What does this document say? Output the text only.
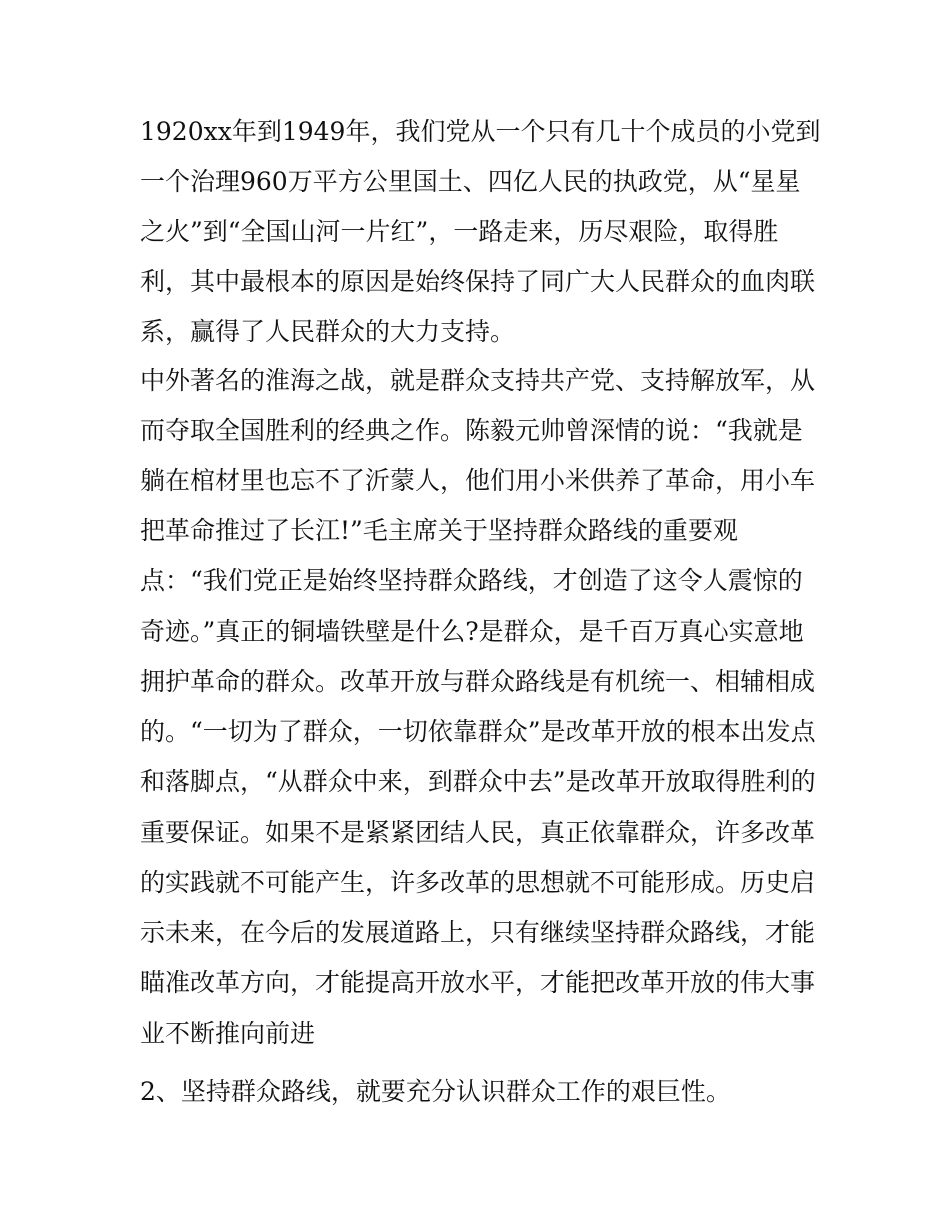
1920xx年到1949年，我们党从一个只有几十个成员的小党到

一个治理960万平方公里国土、四亿人民的执政党，从“星星

之火”到“全国山河一片红”，一路走来，历尽艰险，取得胜

利，其中最根本的原因是始终保持了同广大人民群众的血肉联

系，赢得了人民群众的大力支持。

中外著名的淮海之战，就是群众支持共产党、支持解放军，从

而夺取全国胜利的经典之作。陈毅元帅曾深情的说：“我就是

躺在棺材里也忘不了沂蒙人，他们用小米供养了革命，用小车

把革命推过了长江!”毛主席关于坚持群众路线的重要观

点：“我们党正是始终坚持群众路线，才创造了这令人震惊的

奇迹。”真正的铜墙铁壁是什么?是群众，是千百万真心实意地

拥护革命的群众。改革开放与群众路线是有机统一、相辅相成

的。“一切为了群众，一切依靠群众”是改革开放的根本出发点

和落脚点，“从群众中来，到群众中去”是改革开放取得胜利的

重要保证。如果不是紧紧团结人民，真正依靠群众，许多改革

的实践就不可能产生，许多改革的思想就不可能形成。历史启

示未来，在今后的发展道路上，只有继续坚持群众路线，才能

瞄准改革方向，才能提高开放水平，才能把改革开放的伟大事

业不断推向前进

2、坚持群众路线，就要充分认识群众工作的艰巨性。
